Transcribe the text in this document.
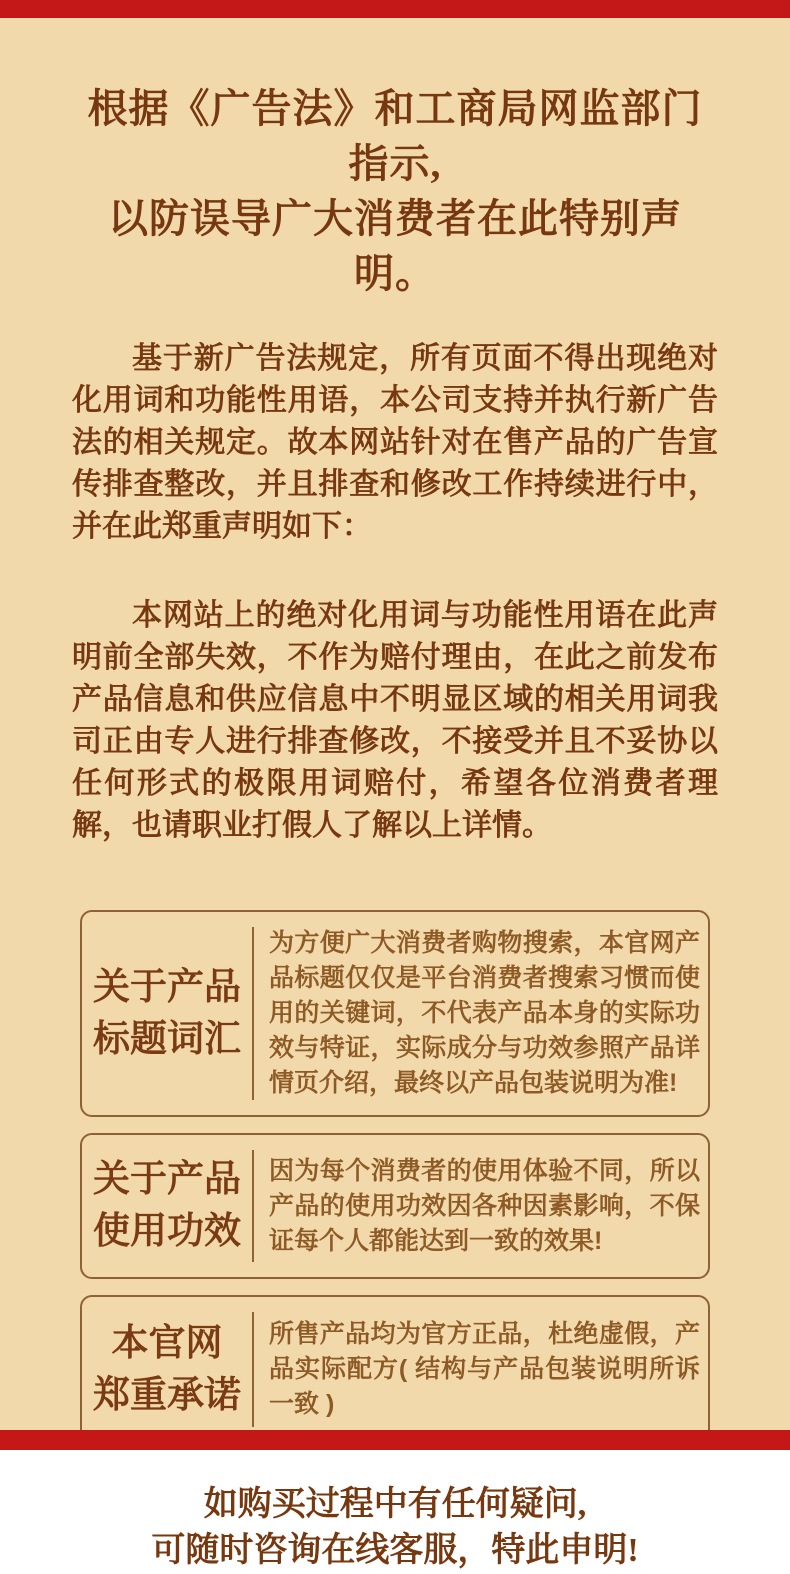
根据《广告法》和工商局网监部门指示,
以防误导广大消费者在此特别声明。

基于新广告法规定，所有页面不得出现绝对化用词和功能性用语，本公司支持并执行新广告法的相关规定。故本网站针对在售产品的广告宣传排查整改，并且排查和修改工作持续进行中，并在此郑重声明如下：

本网站上的绝对化用词与功能性用语在此声明前全部失效，不作为赔付理由，在此之前发布产品信息和供应信息中不明显区域的相关用词我司正由专人进行排查修改，不接受并且不妥协以任何形式的极限用词赔付，希望各位消费者理解，也请职业打假人了解以上详情。

关于产品
标题词汇
为方便广大消费者购物搜索，本官网产品标题仅仅是平台消费者搜索习惯而使用的关键词，不代表产品本身的实际功效与特证，实际成分与功效参照产品详情页介绍，最终以产品包装说明为准!
关于产品
使用功效
因为每个消费者的使用体验不同，所以产品的使用功效因各种因素影响，不保证每个人都能达到一致的效果!
本官网
郑重承诺
所售产品均为官方正品，杜绝虚假，产品实际配方( 结构与产品包装说明所诉一致 )
如购买过程中有任何疑问,
可随时咨询在线客服，特此申明!
